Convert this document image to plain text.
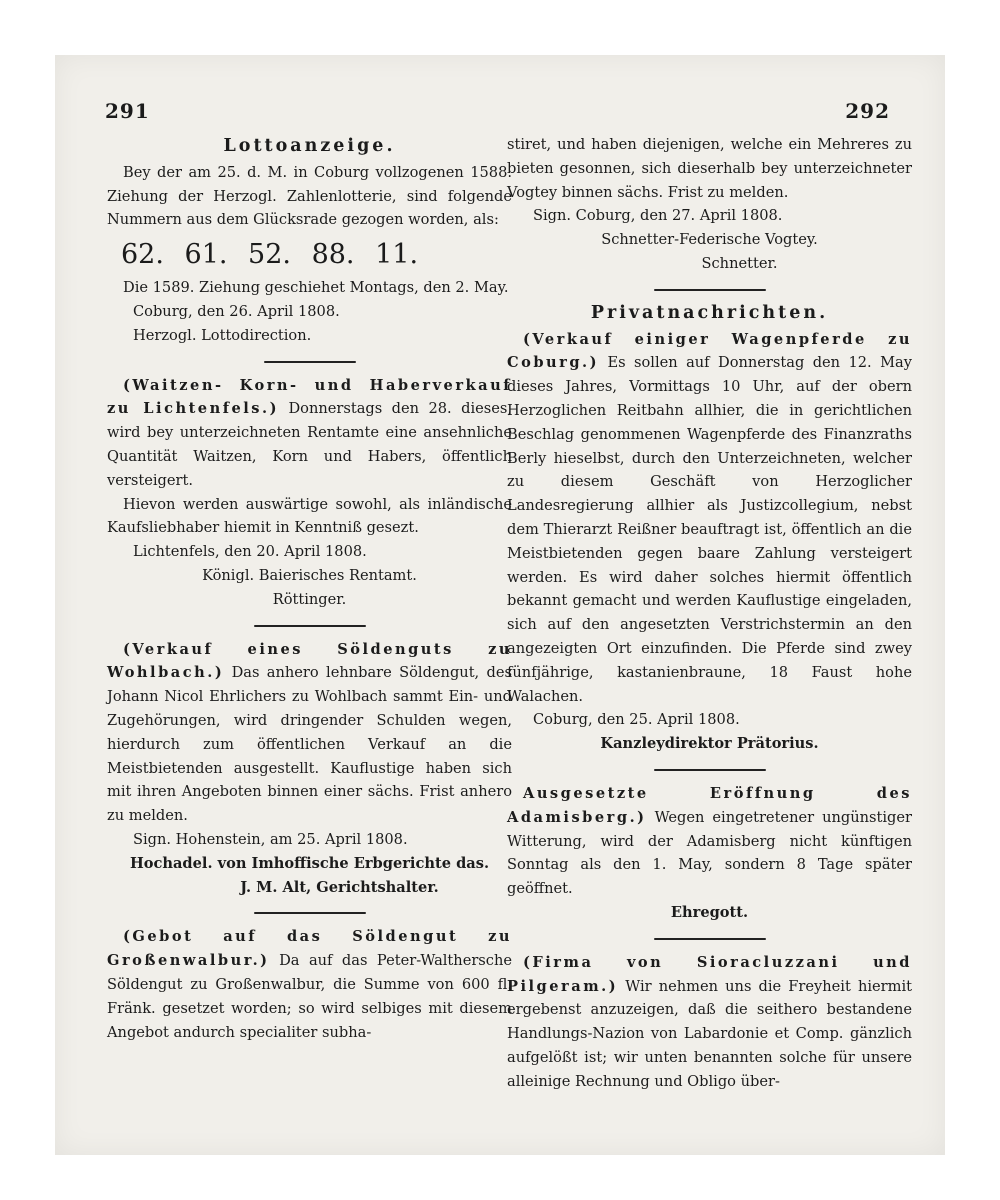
291	292
Lottoanzeige.

Bey der am 25. d. M. in Coburg vollzogenen 1588. Ziehung der Herzogl. Zahlenlotterie, sind folgende Nummern aus dem Glücksrade gezogen worden, als:

62. 61. 52. 88. 11.

Die 1589. Ziehung geschiehet Montags, den 2. May.

Coburg, den 26. April 1808.

Herzogl. Lottodirection.

(Waitzen- Korn- und Haberverkauf zu Lichtenfels.) Donnerstags den 28. dieses, wird bey unterzeichneten Rentamte eine ansehnliche Quantität Waitzen, Korn und Habers, öffentlich versteigert.

Hievon werden auswärtige sowohl, als inländische Kaufsliebhaber hiemit in Kenntniß gesezt.

Lichtenfels, den 20. April 1808.

Königl. Baierisches Rentamt.

Röttinger.

(Verkauf eines Söldenguts zu Wohlbach.) Das anhero lehnbare Söldengut, des Johann Nicol Ehrlichers zu Wohlbach sammt Ein- und Zugehörungen, wird dringender Schulden wegen, hierdurch zum öffentlichen Verkauf an die Meistbietenden ausgestellt. Kauflustige haben sich mit ihren Angeboten binnen einer sächs. Frist anhero zu melden.

Sign. Hohenstein, am 25. April 1808.

Hochadel. von Imhoffische Erbgerichte das.

J. M. Alt, Gerichtshalter.

(Gebot auf das Söldengut zu Großenwalbur.) Da auf das Peter-Walthersche Söldengut zu Großenwalbur, die Summe von 600 fl. Fränk. gesetzet worden; so wird selbiges mit diesem Angebot andurch specialiter subha-

stiret, und haben diejenigen, welche ein Mehreres zu bieten gesonnen, sich dieserhalb bey unterzeichneter Vogtey binnen sächs. Frist zu melden.

Sign. Coburg, den 27. April 1808.

Schnetter-Federische Vogtey.

Schnetter.

Privatnachrichten.

(Verkauf einiger Wagenpferde zu Coburg.) Es sollen auf Donnerstag den 12. May dieses Jahres, Vormittags 10 Uhr, auf der obern Herzoglichen Reitbahn allhier, die in gerichtlichen Beschlag genommenen Wagenpferde des Finanzraths Berly hieselbst, durch den Unterzeichneten, welcher zu diesem Geschäft von Herzoglicher Landesregierung allhier als Justizcollegium, nebst dem Thierarzt Reißner beauftragt ist, öffentlich an die Meistbietenden gegen baare Zahlung versteigert werden. Es wird daher solches hiermit öffentlich bekannt gemacht und werden Kauflustige eingeladen, sich auf den angesetzten Verstrichstermin an den angezeigten Ort einzufinden. Die Pferde sind zwey fünfjährige, kastanienbraune, 18 Faust hohe Walachen.

Coburg, den 25. April 1808.

Kanzleydirektor Prätorius.

Ausgesetzte Eröffnung des Adamisberg.) Wegen eingetretener ungünstiger Witterung, wird der Adamisberg nicht künftigen Sonntag als den 1. May, sondern 8 Tage später geöffnet.

Ehregott.

(Firma von Sioracluzzani und Pilgeram.) Wir nehmen uns die Freyheit hiermit ergebenst anzuzeigen, daß die seithero bestandene Handlungs-Nazion von Labardonie et Comp. gänzlich aufgelößt ist; wir unten benannten solche für unsere alleinige Rechnung und Obligo über-
